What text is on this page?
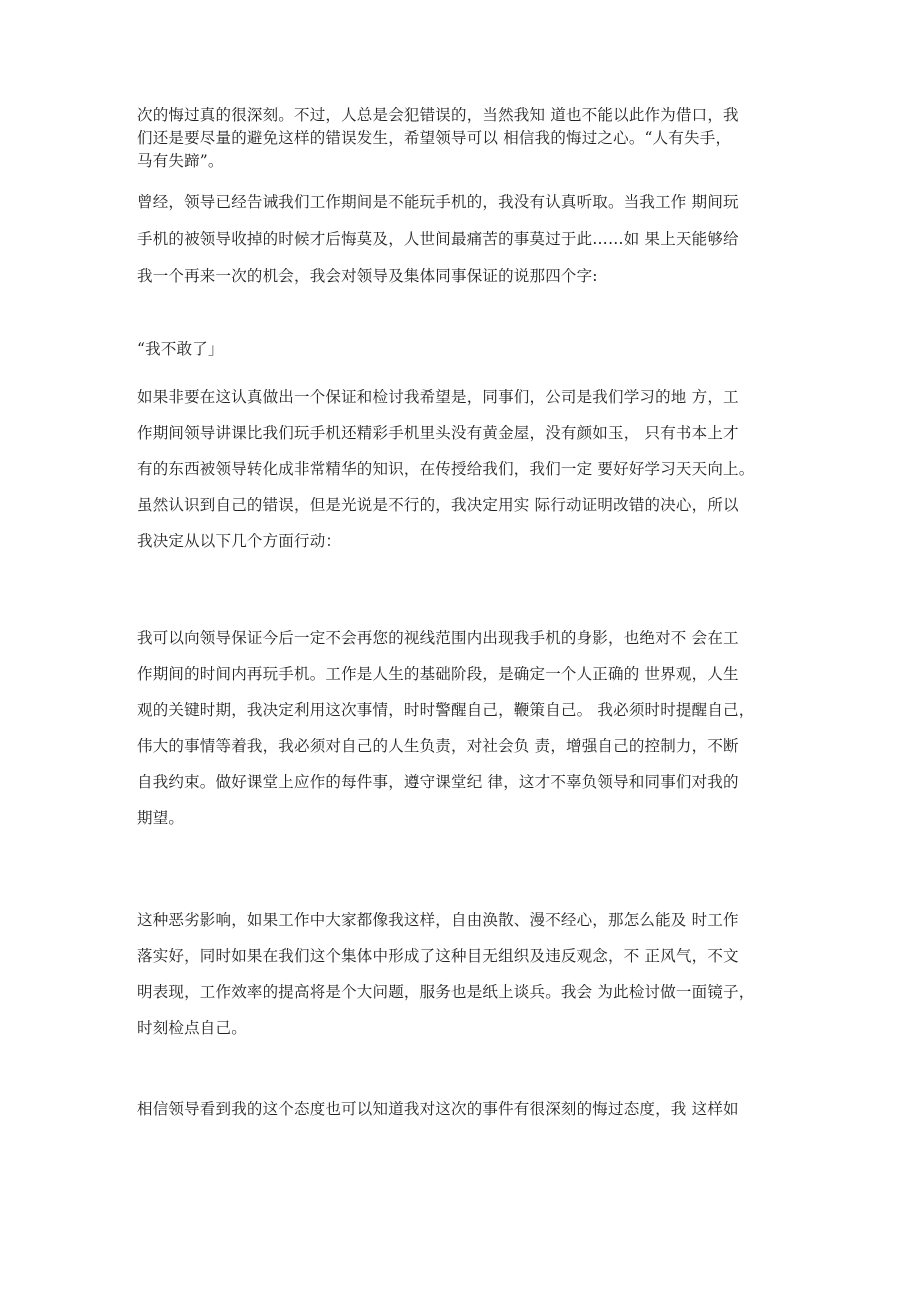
次的悔过真的很深刻。不过，人总是会犯错误的，当然我知 道也不能以此作为借口，我
们还是要尽量的避免这样的错误发生，希望领导可以 相信我的悔过之心。“人有失手，
马有失蹄”。
曾经，领导已经告诫我们工作期间是不能玩手机的，我没有认真听取。当我工作 期间玩
手机的被领导收掉的时候才后悔莫及，人世间最痛苦的事莫过于此……如 果上天能够给
我一个再来一次的机会，我会对领导及集体同事保证的说那四个字:
“我不敢了」
如果非要在这认真做出一个保证和检讨我希望是，同事们，公司是我们学习的地 方，工
作期间领导讲课比我们玩手机还精彩手机里头没有黄金屋，没有颜如玉， 只有书本上才
有的东西被领导转化成非常精华的知识，在传授给我们，我们一定 要好好学习天天向上。
虽然认识到自己的错误，但是光说是不行的，我决定用实 际行动证明改错的决心，所以
我决定从以下几个方面行动：
我可以向领导保证今后一定不会再您的视线范围内出现我手机的身影，也绝对不 会在工
作期间的时间内再玩手机。工作是人生的基础阶段，是确定一个人正确的 世界观，人生
观的关键时期，我决定利用这次事情，时时警醒自己，鞭策自己。 我必须时时提醒自己，
伟大的事情等着我，我必须对自己的人生负责，对社会负 责，增强自己的控制力，不断
自我约束。做好课堂上应作的每件事，遵守课堂纪 律，这才不辜负领导和同事们对我的
期望。
这种恶劣影响，如果工作中大家都像我这样，自由涣散、漫不经心，那怎么能及 时工作
落实好，同时如果在我们这个集体中形成了这种目无组织及违反观念，不 正风气，不文
明表现，工作效率的提高将是个大问题，服务也是纸上谈兵。我会 为此检讨做一面镜子，
时刻检点自己。
相信领导看到我的这个态度也可以知道我对这次的事件有很深刻的悔过态度，我 这样如
